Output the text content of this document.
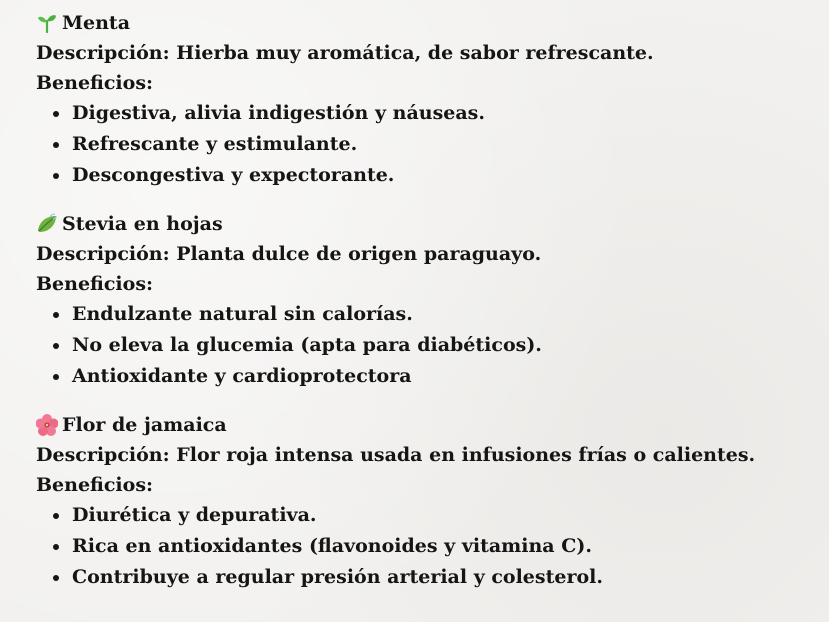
Menta
Descripción: Hierba muy aromática, de sabor refrescante.
Beneficios:
Digestiva, alivia indigestión y náuseas.
Refrescante y estimulante.
Descongestiva y expectorante.
Stevia en hojas
Descripción: Planta dulce de origen paraguayo.
Beneficios:
Endulzante natural sin calorías.
No eleva la glucemia (apta para diabéticos).
Antioxidante y cardioprotectora
Flor de jamaica
Descripción: Flor roja intensa usada en infusiones frías o calientes.
Beneficios:
Diurética y depurativa.
Rica en antioxidantes (flavonoides y vitamina C).
Contribuye a regular presión arterial y colesterol.
